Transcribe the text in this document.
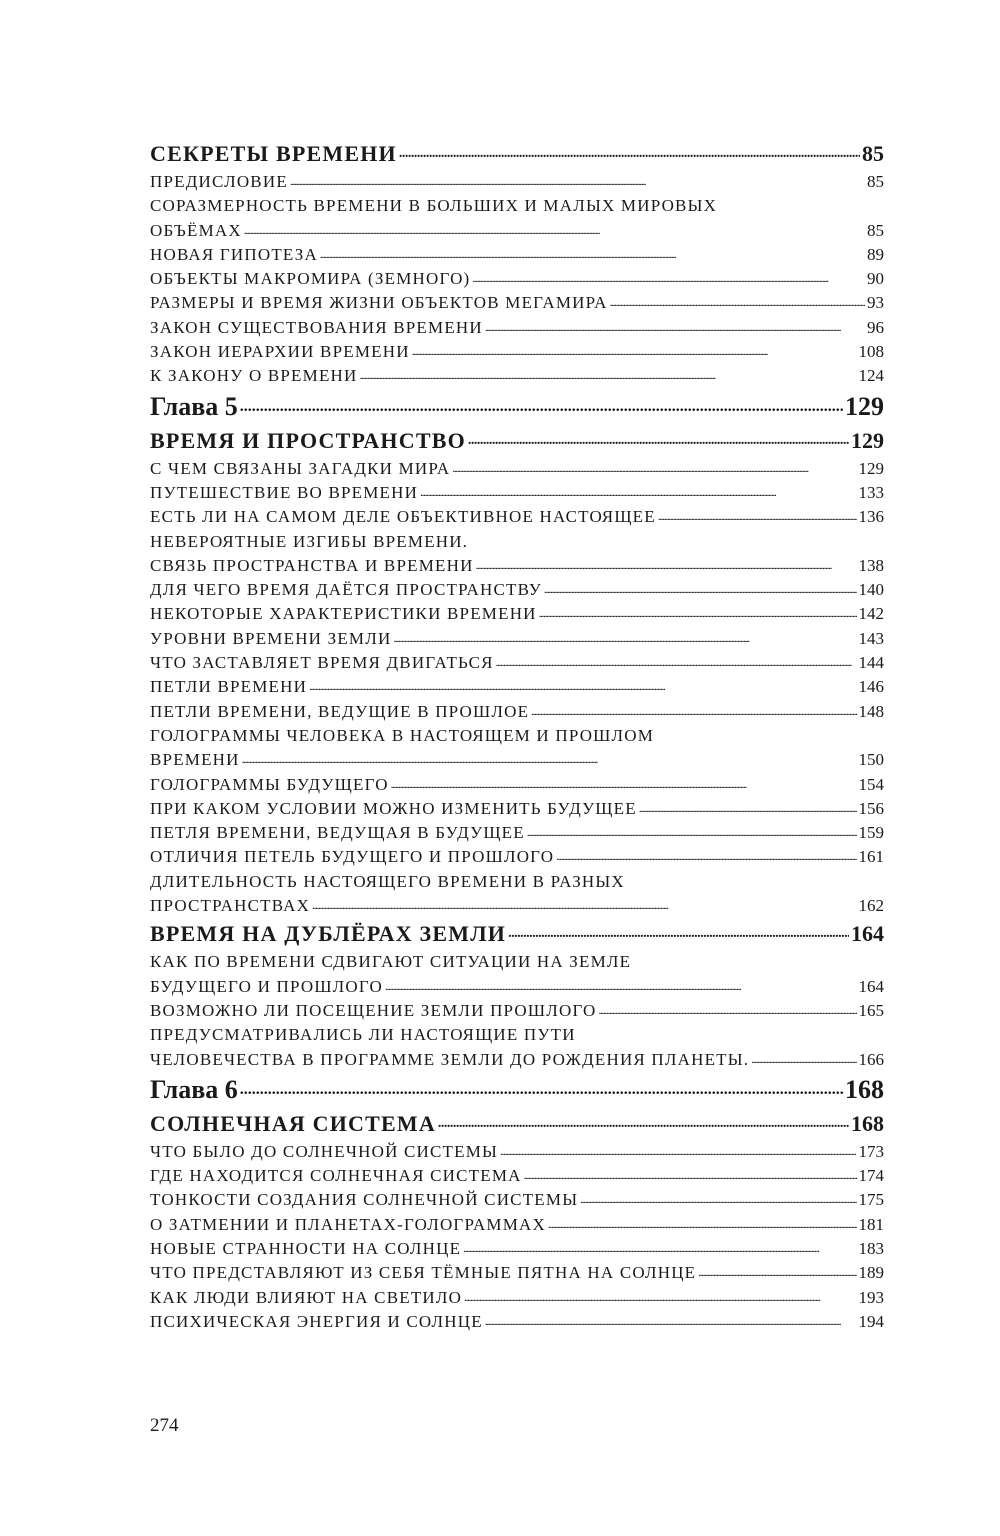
СЕКРЕТЫ ВРЕМЕНИ . . .	85
ПРЕДИСЛОВИЕ . . .	85
СОРАЗМЕРНОСТЬ ВРЕМЕНИ В БОЛЬШИХ И МАЛЫХ МИРОВЫХ
ОБЪЁМАХ . . .	85
НОВАЯ ГИПОТЕЗА . . .	89
ОБЪЕКТЫ МАКРОМИРА (ЗЕМНОГО) . . .	90
РАЗМЕРЫ И ВРЕМЯ ЖИЗНИ ОБЪЕКТОВ МЕГАМИРА . . .	93
ЗАКОН СУЩЕСТВОВАНИЯ ВРЕМЕНИ . . .	96
ЗАКОН ИЕРАРХИИ ВРЕМЕНИ . . .	108
К ЗАКОНУ О ВРЕМЕНИ . . .	124
Глава 5 . . .	129
ВРЕМЯ И ПРОСТРАНСТВО . . .	129
С ЧЕМ СВЯЗАНЫ ЗАГАДКИ МИРА . . .	129
ПУТЕШЕСТВИЕ ВО ВРЕМЕНИ . . .	133
ЕСТЬ ЛИ НА САМОМ ДЕЛЕ ОБЪЕКТИВНОЕ НАСТОЯЩЕЕ . . .	136
НЕВЕРОЯТНЫЕ ИЗГИБЫ ВРЕМЕНИ.
СВЯЗЬ ПРОСТРАНСТВА И ВРЕМЕНИ . . .	138
ДЛЯ ЧЕГО ВРЕМЯ ДАЁТСЯ ПРОСТРАНСТВУ . . .	140
НЕКОТОРЫЕ ХАРАКТЕРИСТИКИ ВРЕМЕНИ . . .	142
УРОВНИ ВРЕМЕНИ ЗЕМЛИ . . .	143
ЧТО ЗАСТАВЛЯЕТ ВРЕМЯ ДВИГАТЬСЯ . . .	144
ПЕТЛИ ВРЕМЕНИ . . .	146
ПЕТЛИ ВРЕМЕНИ, ВЕДУЩИЕ В ПРОШЛОЕ . . .	148
ГОЛОГРАММЫ ЧЕЛОВЕКА В НАСТОЯЩЕМ И ПРОШЛОМ
ВРЕМЕНИ . . .	150
ГОЛОГРАММЫ БУДУЩЕГО . . .	154
ПРИ КАКОМ УСЛОВИИ МОЖНО ИЗМЕНИТЬ БУДУЩЕЕ . . .	156
ПЕТЛЯ ВРЕМЕНИ, ВЕДУЩАЯ В БУДУЩЕЕ . . .	159
ОТЛИЧИЯ ПЕТЕЛЬ БУДУЩЕГО И ПРОШЛОГО . . .	161
ДЛИТЕЛЬНОСТЬ НАСТОЯЩЕГО ВРЕМЕНИ В РАЗНЫХ
ПРОСТРАНСТВАХ . . .	162
ВРЕМЯ НА ДУБЛЁРАХ ЗЕМЛИ . . .	164
КАК ПО ВРЕМЕНИ СДВИГАЮТ СИТУАЦИИ НА ЗЕМЛЕ
БУДУЩЕГО И ПРОШЛОГО . . .	164
ВОЗМОЖНО ЛИ ПОСЕЩЕНИЕ ЗЕМЛИ ПРОШЛОГО . . .	165
ПРЕДУСМАТРИВАЛИСЬ ЛИ НАСТОЯЩИЕ ПУТИ
ЧЕЛОВЕЧЕСТВА В ПРОГРАММЕ ЗЕМЛИ ДО РОЖДЕНИЯ ПЛАНЕТЫ. . . .	166
Глава 6 . . .	168
СОЛНЕЧНАЯ СИСТЕМА . . .	168
ЧТО БЫЛО ДО СОЛНЕЧНОЙ СИСТЕМЫ . . .	173
ГДЕ НАХОДИТСЯ СОЛНЕЧНАЯ СИСТЕМА . . .	174
ТОНКОСТИ СОЗДАНИЯ СОЛНЕЧНОЙ СИСТЕМЫ . . .	175
О ЗАТМЕНИИ И ПЛАНЕТАХ-ГОЛОГРАММАХ . . .	181
НОВЫЕ СТРАННОСТИ НА СОЛНЦЕ . . .	183
ЧТО ПРЕДСТАВЛЯЮТ ИЗ СЕБЯ ТЁМНЫЕ ПЯТНА НА СОЛНЦЕ . . .	189
КАК ЛЮДИ ВЛИЯЮТ НА СВЕТИЛО . . .	193
ПСИХИЧЕСКАЯ ЭНЕРГИЯ И СОЛНЦЕ . . .	194
274
